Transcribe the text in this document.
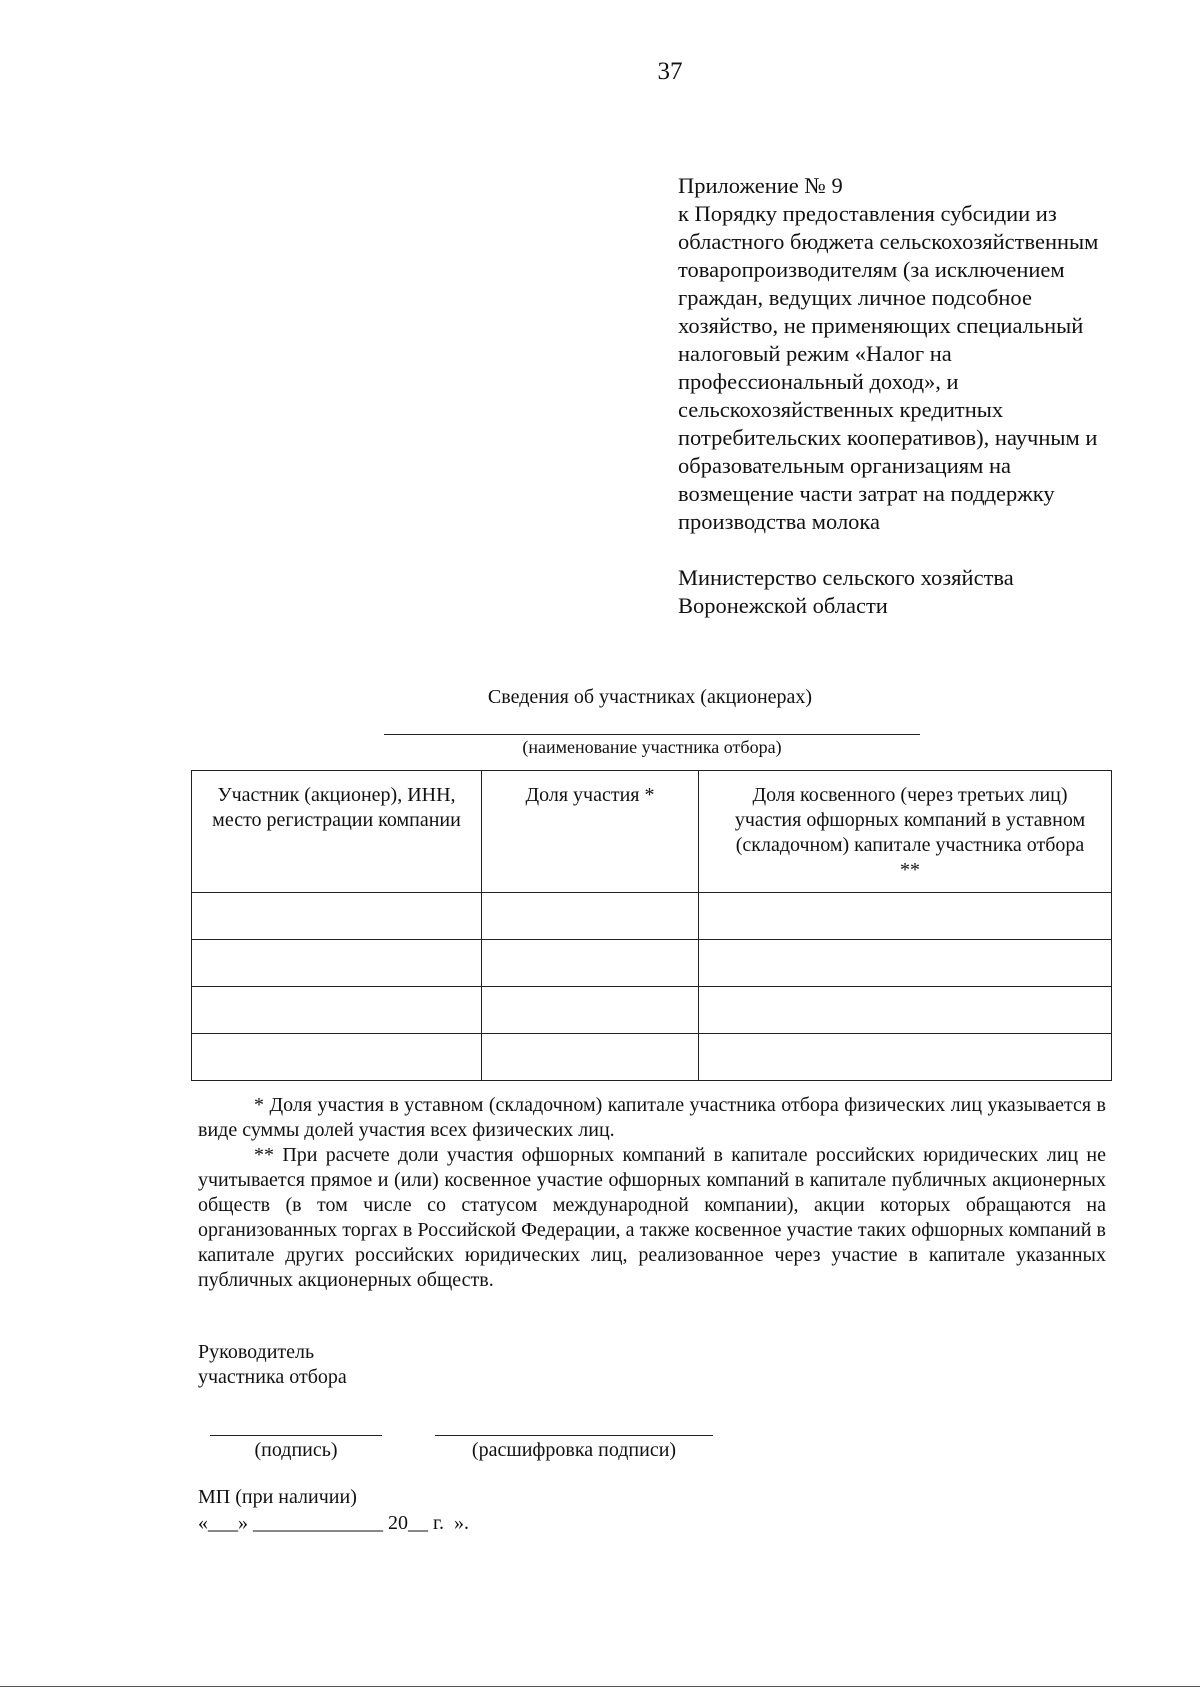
37
Приложение № 9
к Порядку предоставления субсидии из
областного бюджета сельскохозяйственным
товаропроизводителям (за исключением
граждан, ведущих личное подсобное
хозяйство, не применяющих специальный
налоговый режим «Налог на
профессиональный доход», и
сельскохозяйственных кредитных
потребительских кооперативов), научным и
образовательным организациям на
возмещение части затрат на поддержку
производства молока
Министерство сельского хозяйства
Воронежской области
Сведения об участниках (акционерах)
(наименование участника отбора)
Участник (акционер), ИНН, место регистрации компании	Доля участия *	Доля косвенного (через третьих лиц) участия офшорных компаний в уставном (складочном) капитале участника отбора **

* Доля участия в уставном (складочном) капитале участника отбора физических лиц указывается в виде суммы долей участия всех физических лиц.

** При расчете доли участия офшорных компаний в капитале российских юридических лиц не учитывается прямое и (или) косвенное участие офшорных компаний в капитале публичных акционерных обществ (в том числе со статусом международной компании), акции которых обращаются на организованных торгах в Российской Федерации, а также косвенное участие таких офшорных компаний в капитале других российских юридических лиц, реализованное через участие в капитале указанных публичных акционерных обществ.

Руководитель
участника отбора
(подпись)	(расшифровка подписи)
МП (при наличии)
«___» _____________ 20__ г.  ».
